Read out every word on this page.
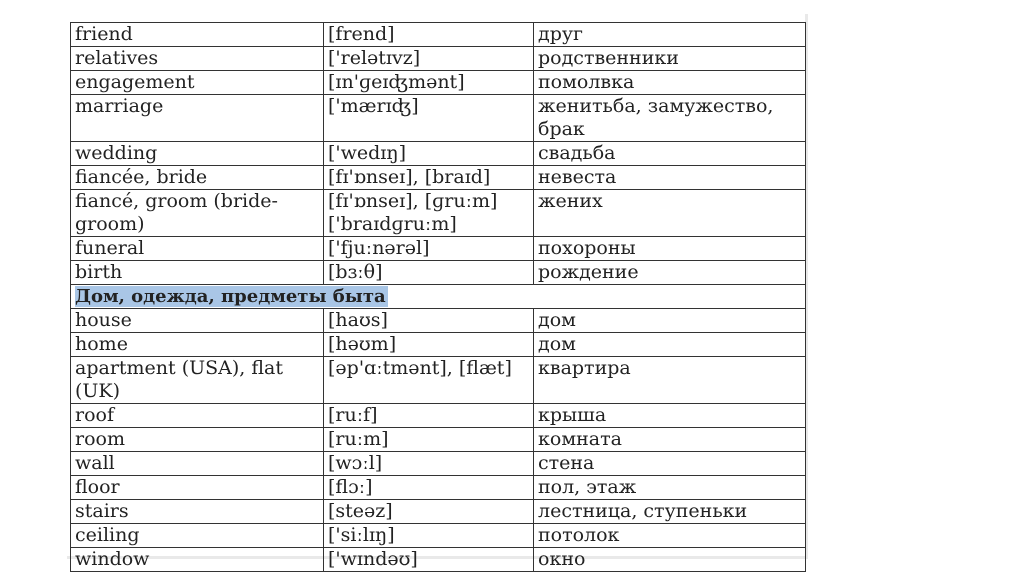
friend	[frend]	друг
relatives	['relətɪvz]	родственники
engagement	[ɪn'ɡeɪʤmənt]	помолвка
marriage	['mærɪʤ]	женитьба, замужество, брак
wedding	['wedɪŋ]	свадьба
fiancée, bride	[fɪ'ɒnseɪ], [braɪd]	невеста
fiancé, groom (bride-groom)	[fɪ'ɒnseɪ], [ɡruːm] ['braɪdɡruːm]	жених
funeral	['fjuːnərəl]	похороны
birth	[bɜːθ]	рождение
Дом, одежда, предметы быта		
house	[haʊs]	дом
home	[həʊm]	дом
apartment (USA), flat (UK)	[əp'ɑːtmənt], [flæt]	квартира
roof	[ruːf]	крыша
room	[ruːm]	комната
wall	[wɔːl]	стена
floor	[flɔː]	пол, этаж
stairs	[steəz]	лестница, ступеньки
ceiling	['siːlɪŋ]	потолок
window	['wɪndəʊ]	окно
